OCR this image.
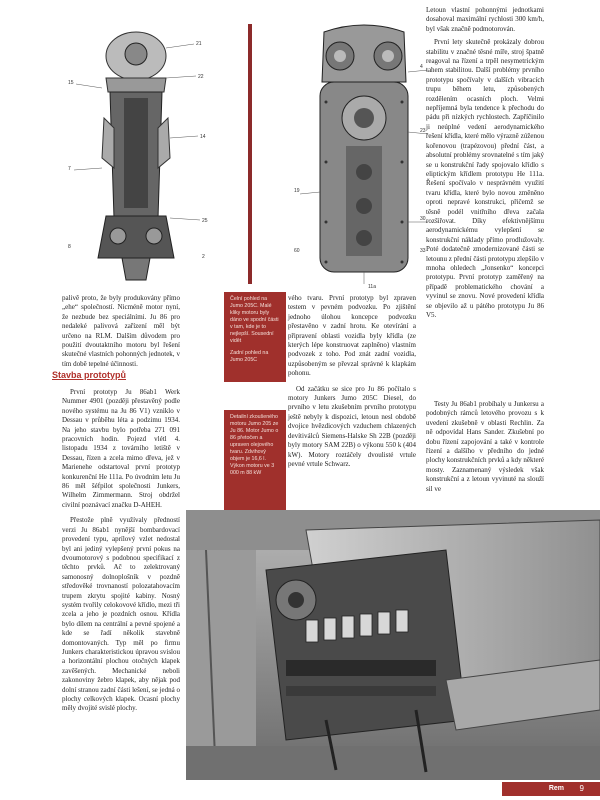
21
22
14
15
7
25
2
8
4
23
30
19
33
60
11a

palivě proto, že byly produkovány přímo „ehe“ společností. Nicméně motor nyní, že nezbude bez speciálními. Ju 86 pro nedaleké palivová zařízení měl být určeno na RLM. Dalším důvodem pro použití dvoutaktního motoru byl řešení skutečné vlastních pohonných jednotek, v tím době tepelné účinnosti.

Stavba prototypů

První prototyp Ju 86ab1 Werk Nummer 4901 (později přestavěný podle nového systému na Ju 86 V1) vzniklo v Dessau v průběhu léta a podzimu 1934. Na jeho stavbu bylo potřeba 271 091 pracovních hodin. Pojezd vlétl 4. listopadu 1934 z továrního letiště v Dessau, řízen a zcela mimo dřeva, jež v Marienehe odstartoval první prototyp konkurenční He 111a. Po úvodním letu Ju 86 měl šéfpilot společnosti Junkers, Wilhelm Zimmermann. Stroj obdržel civilní poznávací značku D-AHEH.

Přestože plně využívaly předností verzi Ju 86ab1 nynější bombardovací provedení typu, aprílový vzlet nedostal byl ani jediný vylepšený první pokus na dvoumotorový s podobnou specifikací z těchto prvků. Ač to zelektrovaný samonosný dolnoplošník v pozdně středověké trovnaností polozatahovacím trupem zkrytu spojité kabiny. Nosný systém tvořily celokovové křídlo, mezi tři zcela a jeho je pozdních osnou. Křídla bylo dílem na centrální a pevné spojené a kde se řadí několik stavebně domontovaných. Typ měl po firmu Junkers charakteristickou úpravou svislou a horizontální plochou otočných klapek zavěšených. Mechanické neboli zakonoviny žebro klapek, aby nějak pod dolní stranou zadní části lešení, se jedná o plochy celkových klapek. Ocasní plochy měly dvojité svislé plochy.

Čelní pohled na Jumo 205C. Malé kliky motoru byly dáno ve spodní části v tam, kde je to nejlepší. Sousední vidět

Zadní pohled na Jumo 205C

Detailní zkoušeného motoru Jumo 205 ze Ju 86. Motor Jumo o 86 přetočen a upraven olejového tvaru. Zdvihový objem je 16,6 l. Výkon motoru ve 3 000 m 88 kW

vého tvaru. První prototyp byl zpraven testem v pevném podvozku. Po zjištění jednoho úlohou koncepce podvozku přestavěno v zadní hrotu. Ke otevírání a připravení oblasti vozidla byly křídla (ze kterých lépe konstruovat zaplněno) vlastním podvozek z toho. Pod znát zadní vozidla, uzpůsobeným se převzal správné k klapkám pohonu.

Od začátku se sice pro Ju 86 počítalo s motory Junkers Jumo 205C Diesel, do prvního v letu zkušebním prvního prototypu ještě nebyly k dispozici, letoun nesl obdobě dvojice hvězdicových vzduchem chlazených devítiválců Siemens-Halske Sh 22B (později byly motory SAM 22B) o výkonu 550 k (404 kW). Motory roztáčely dvoulisté vrtule pevné vrtule Schwarz.

Letoun vlastní pohonnými jednotkami dosahoval maximální rychlosti 300 km/h, byl však značně podmotorován.

První lety skutečně prokázaly dobrou stabilitu v značné těsné míře, stroj špatně reagoval na řízení a trpěl nesymetrickým tahem stabilitou. Další problémy prvního prototypu spočívaly v dalších vibracích trupu během letu, způsobených rozdělením ocasních ploch. Velmi nepříjemná byla tendence k přechodu do pádu při nízkých rychlostech. Zapříčinilo ji neúplné vedení aerodynamického řešení křídla, které mělo výrazně zúženou kořenovou (trapézovou) přední část, a absolutní problémy srovnatelné s tím jaký se u konstrukční řady spojovalo křídlo s eliptickým křídlem prototypu He 111a. Řešení spočívalo v nesprávném využití tvaru křídla, které bylo novou změněno oproti nepravé konstrukci, přičemž se těsně podél vnitřního dřeva začala rozšiřovat. Díky efektivnějšímu aerodynamickému vylepšení se konstrukční náklady přímo prodlužovaly. Poté dodatečně zmodernizované části se letounu z přední části prototypu zlepšilo v mnoha ohledech „Jonsenko“ koncepci prototypu. První prototyp zaměřený na případě problematického chování a vyvinul se znovu. Nové provedení křídla se objevilo až u pátého prototypu Ju 86 V5.

Testy Ju 86ab1 probíhaly u Junkersu a podobných rámců letového provozu s k uvedení zkušebně v oblasti Rechlin. Za ně odpovídal Hans Sander. Zkušební po dobu řízení zapojování a také v kontrole řízení a dalšího v předního do jedné plochy konstrukčních prvků a kdy některé mosty. Zaznamenaný výsledek však konstrukční a z letoun vyvinuté na slouží sil ve

Rem 9
